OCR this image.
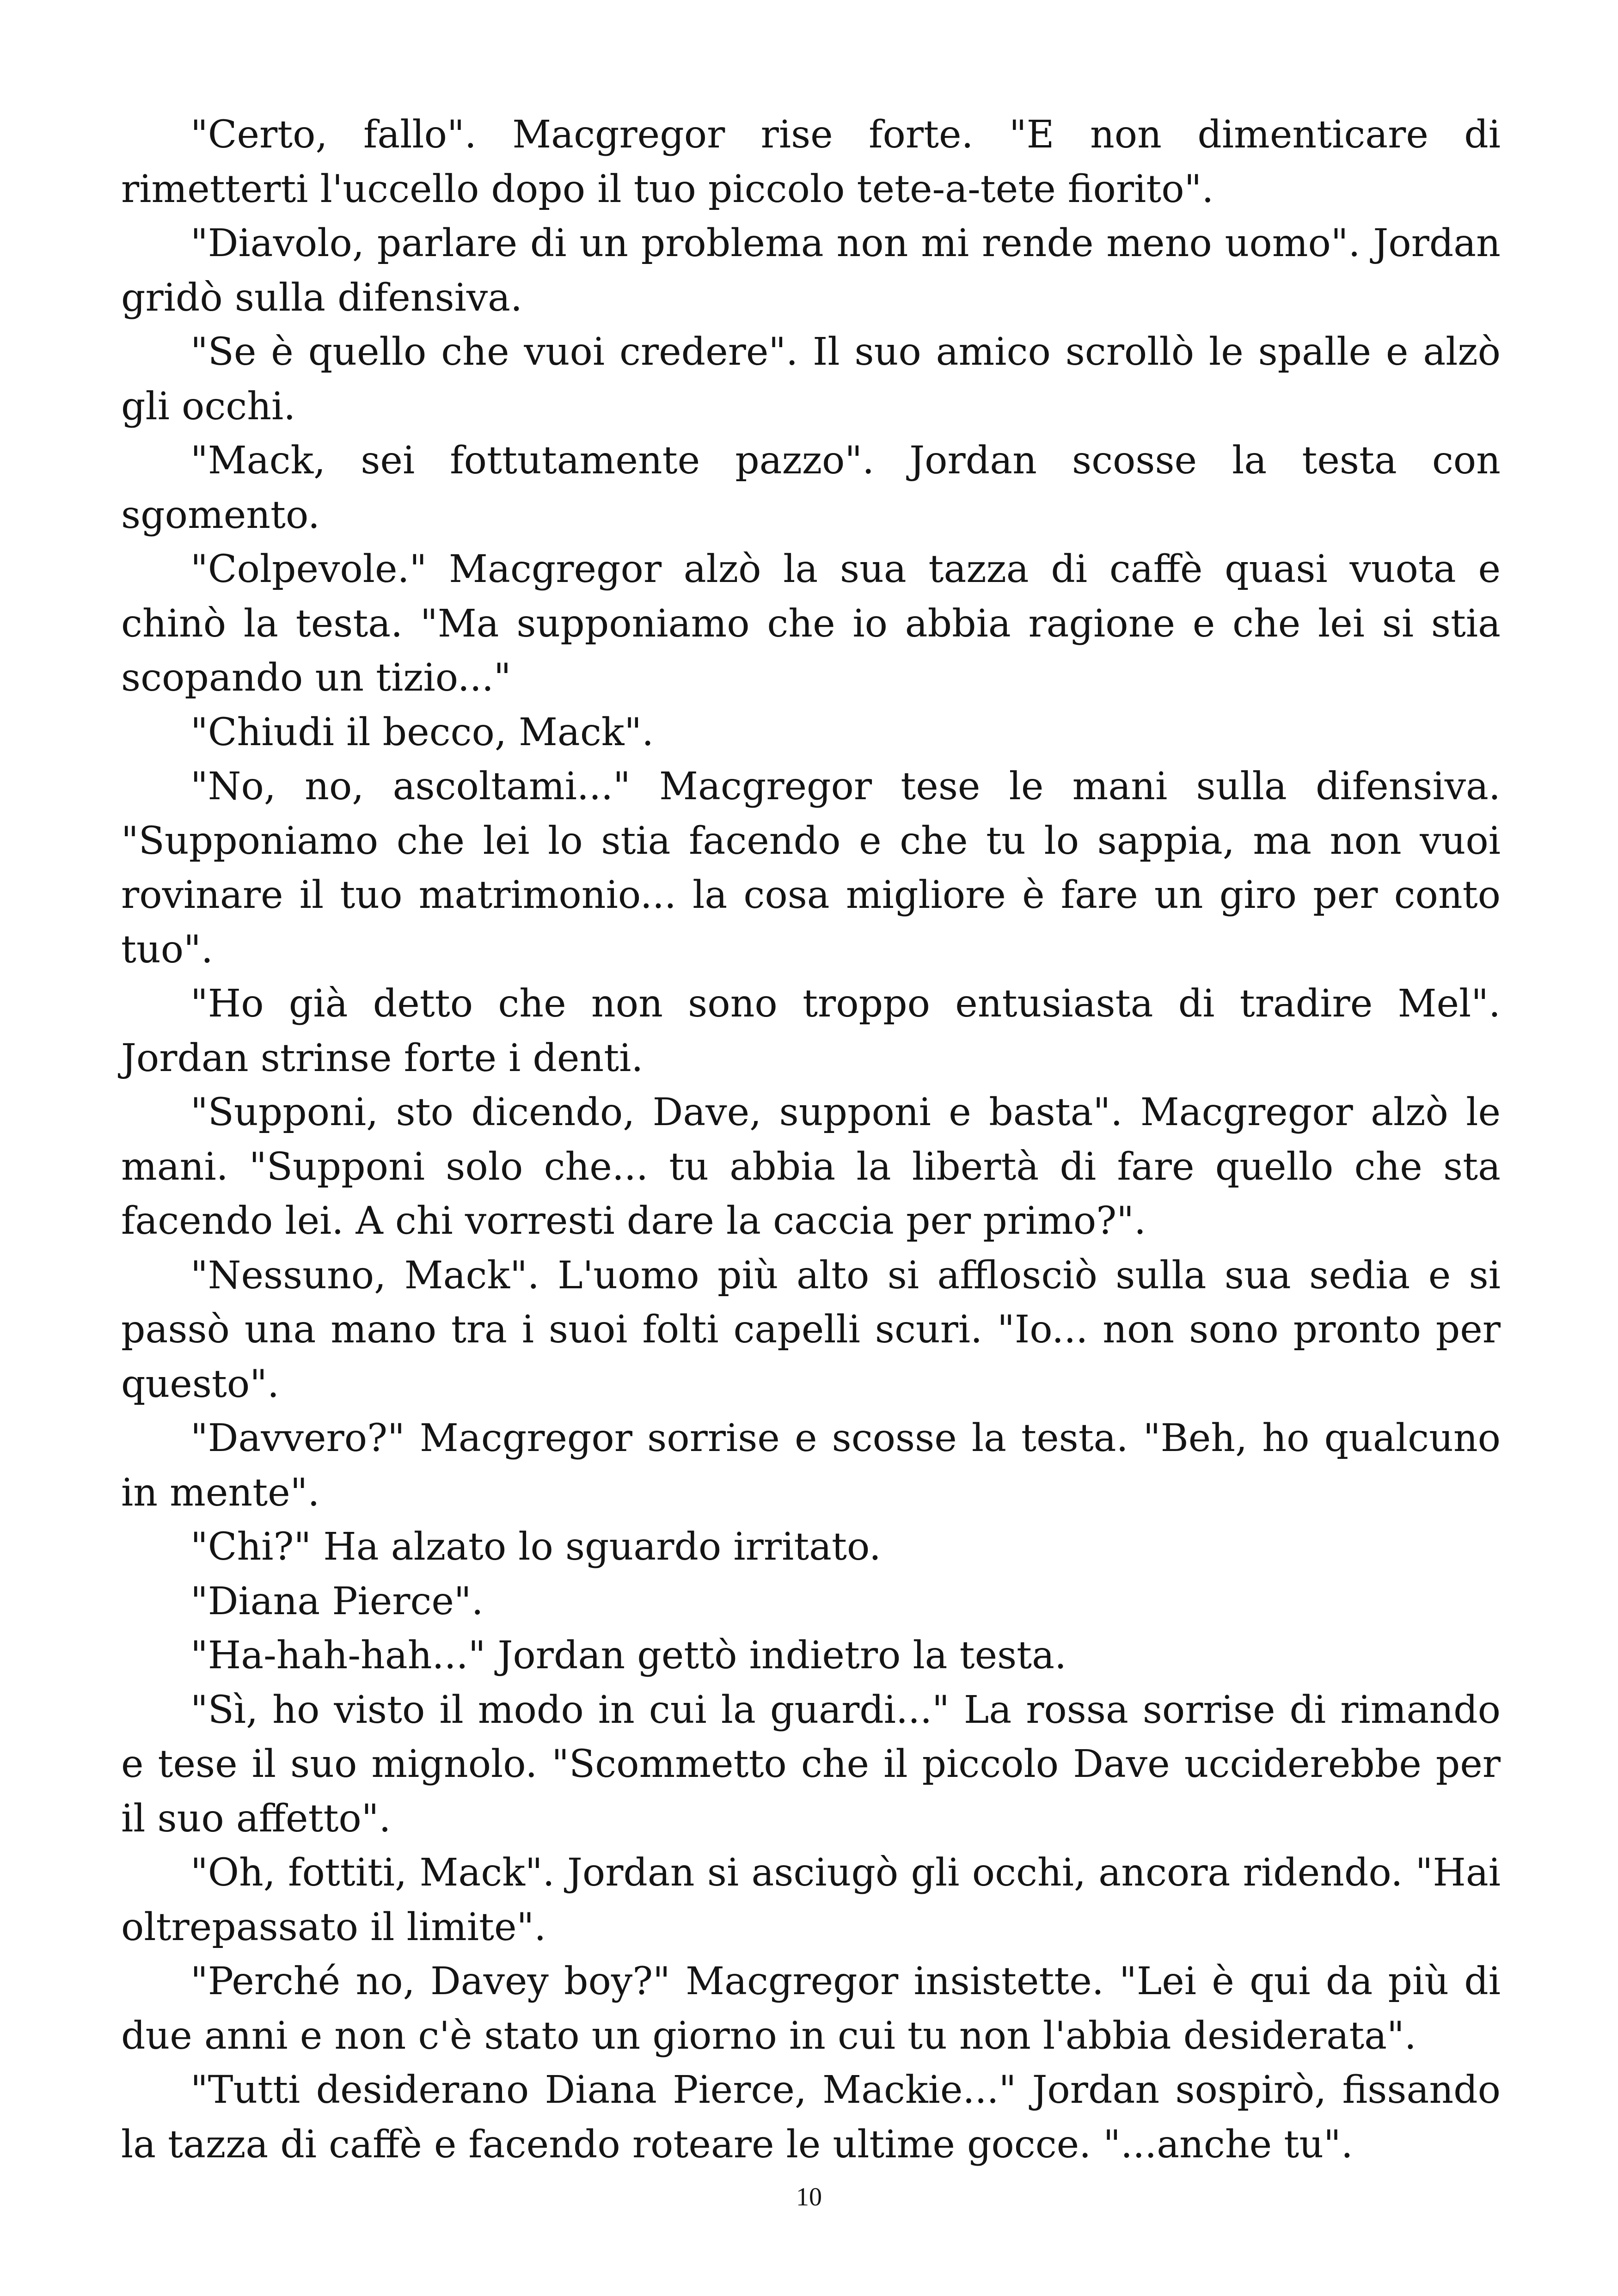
"Certo, fallo". Macgregor rise forte. "E non dimenticare di rimetterti l'uccello dopo il tuo piccolo tete-a-tete fiorito".

"Diavolo, parlare di un problema non mi rende meno uomo". Jordan gridò sulla difensiva.

"Se è quello che vuoi credere". Il suo amico scrollò le spalle e alzò gli occhi.

"Mack, sei fottutamente pazzo". Jordan scosse la testa con sgomento.

"Colpevole." Macgregor alzò la sua tazza di caffè quasi vuota e chinò la testa. "Ma supponiamo che io abbia ragione e che lei si stia scopando un tizio..."

"Chiudi il becco, Mack".

"No, no, ascoltami..." Macgregor tese le mani sulla difensiva. "Supponiamo che lei lo stia facendo e che tu lo sappia, ma non vuoi rovinare il tuo matrimonio... la cosa migliore è fare un giro per conto tuo".

"Ho già detto che non sono troppo entusiasta di tradire Mel". Jordan strinse forte i denti.

"Supponi, sto dicendo, Dave, supponi e basta". Macgregor alzò le mani. "Supponi solo che... tu abbia la libertà di fare quello che sta facendo lei. A chi vorresti dare la caccia per primo?".

"Nessuno, Mack". L'uomo più alto si afflosciò sulla sua sedia e si passò una mano tra i suoi folti capelli scuri. "Io... non sono pronto per questo".

"Davvero?" Macgregor sorrise e scosse la testa. "Beh, ho qualcuno in mente".

"Chi?" Ha alzato lo sguardo irritato.

"Diana Pierce".

"Ha-hah-hah..." Jordan gettò indietro la testa.

"Sì, ho visto il modo in cui la guardi..." La rossa sorrise di rimando e tese il suo mignolo. "Scommetto che il piccolo Dave ucciderebbe per il suo affetto".

"Oh, fottiti, Mack". Jordan si asciugò gli occhi, ancora ridendo. "Hai oltrepassato il limite".

"Perché no, Davey boy?" Macgregor insistette. "Lei è qui da più di due anni e non c'è stato un giorno in cui tu non l'abbia desiderata".

"Tutti desiderano Diana Pierce, Mackie..." Jordan sospirò, fissando la tazza di caffè e facendo roteare le ultime gocce. "...anche tu".

10
